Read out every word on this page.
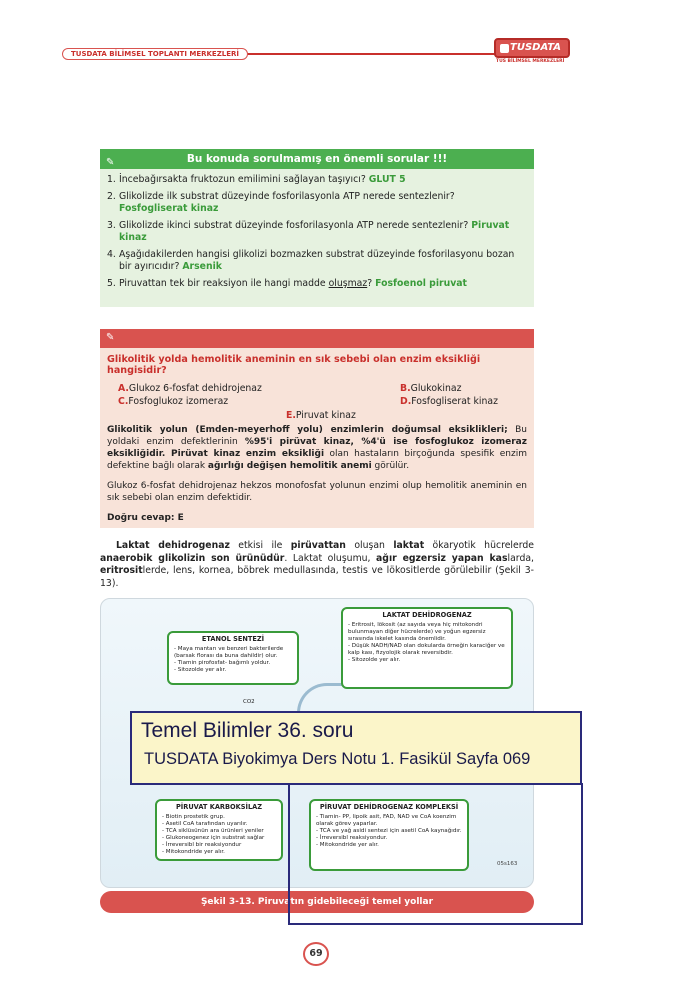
TUSDATA BİLİMSEL TOPLANTI MERKEZLERİ
TUSDATA
TUS BİLİMSEL MERKEZLERİ
✎	Bu konuda sorulmamış en önemli sorular !!!
1. İncebağırsakta fruktozun emilimini sağlayan taşıyıcı? GLUT 5
2. Glikolizde ilk substrat düzeyinde fosforilasyonla ATP nerede sentezlenir? Fosfogliserat kinaz
3. Glikolizde ikinci substrat düzeyinde fosforilasyonla ATP nerede sentezlenir? Piruvat kinaz
4. Aşağıdakilerden hangisi glikolizi bozmazken substrat düzeyinde fosforilasyonu bozan bir ayırıcıdır? Arsenik
5. Piruvattan tek bir reaksiyon ile hangi madde oluşmaz? Fosfoenol piruvat
✎
Glikolitik yolda hemolitik aneminin en sık sebebi olan enzim eksikliği hangisidir?
A.Glukoz 6-fosfat dehidrojenaz	B.Glukokinaz
C.Fosfoglukoz izomeraz	D.Fosfogliserat kinaz
E.Piruvat kinaz
Glikolitik yolun (Emden-meyerhoff yolu) enzimlerin doğumsal eksiklikleri; Bu yoldaki enzim defektlerinin %95'i pirüvat kinaz, %4'ü ise fosfoglukoz izomeraz eksikliğidir. Pirüvat kinaz enzim eksikliği olan hastaların birçoğunda spesifik enzim defektine bağlı olarak ağırlığı değişen hemolitik anemi görülür.
Glukoz 6-fosfat dehidrojenaz hekzos monofosfat yolunun enzimi olup hemolitik aneminin en sık sebebi olan enzim defektidir.
Doğru cevap: E
Laktat dehidrogenaz etkisi ile pirüvattan oluşan laktat ökaryotik hücrelerde anaerobik glikolizin son ürünüdür. Laktat oluşumu, ağır egzersiz yapan kaslarda, eritrositlerde, lens, kornea, böbrek medullasında, testis ve lökositlerde görülebilir (Şekil 3-13).
ETANOL SENTEZİ
- Maya mantarı ve benzeri bakterilerde (barsak florası da buna dahildir) olur.
- Tiamin pirofosfat- bağımlı yoldur.
- Sitozolde yer alır.
CO2
LAKTAT DEHİDROGENAZ
- Eritrosit, lökosit (az sayıda veya hiç mitokondri bulunmayan diğer hücrelerde) ve yoğun egzersiz sırasında iskelet kasında önemlidir.
- Düşük NADH/NAD olan dokularda örneğin karaciğer ve kalp kası, fizyolojik olarak reversibdir.
- Sitozolde yer alır.
PİRUVAT KARBOKSİLAZ
- Biotin prostetik grup.
- Asetil CoA tarafından uyarılır.
- TCA siklüsünün ara ürünleri yeniler
- Glukoneogenez için substrat sağlar
- İrreversibl bir reaksiyondur
- Mitokondride yer alır.
PİRUVAT DEHİDROGENAZ KOMPLEKSİ
- Tiamin- PP, lipoik asit, FAD, NAD ve CoA koenzim olarak görev yaparlar.
- TCA ve yağ asidi sentezi için asetil CoA kaynağıdır.
- İrreversibl reaksiyondur.
- Mitokondride yer alır.
05s163
Şekil 3-13. Piruvatın gidebileceği temel yollar
69
Temel Bilimler 36. soru
TUSDATA Biyokimya Ders Notu 1. Fasikül Sayfa 069
